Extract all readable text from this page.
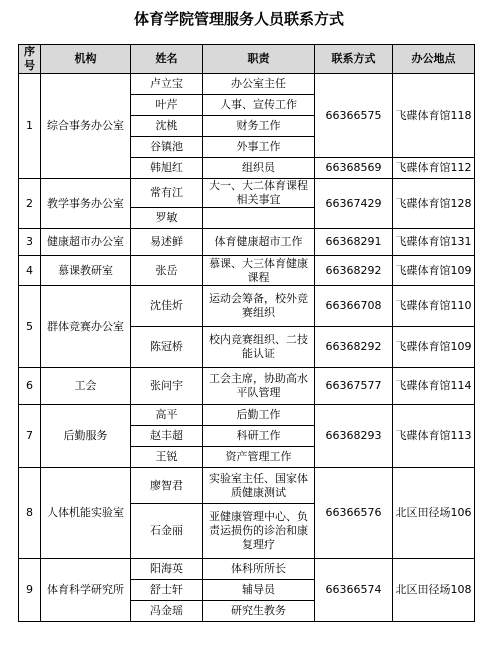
体育学院管理服务人员联系方式
序号	机构	姓名	职责	联系方式	办公地点
1	综合事务办公室	卢立宝	办公室主任	66366575	飞碟体育馆118
		叶芹	人事、宣传工作		
		沈桃	财务工作		
		谷镇池	外事工作		
		韩旭红	组织员	66368569	飞碟体育馆112
2	教学事务办公室	常有江	大一、大二体育课程相关事宜	66367429	飞碟体育馆128
		罗敏			
3	健康超市办公室	易述鲜	体育健康超市工作	66368291	飞碟体育馆131
4	慕课教研室	张岳	慕课、大三体育健康课程	66368292	飞碟体育馆109
5	群体竞赛办公室	沈佳炘	运动会筹备，校外竞赛组织	66366708	飞碟体育馆110
		陈冠桥	校内竞赛组织、二技能认证	66368292	飞碟体育馆109
6	工会	张问宇	工会主席，协助高水平队管理	66367577	飞碟体育馆114
7	后勤服务	高平	后勤工作	66368293	飞碟体育馆113
		赵丰超	科研工作		
		王锐	资产管理工作		
8	人体机能实验室	廖智君	实验室主任、国家体质健康测试	66366576	北区田径场106
		石金丽	亚健康管理中心、负责运损伤的诊治和康复理疗		
9	体育科学研究所	阳海英	体科所所长	66366574	北区田径场108
		舒士轩	辅导员		
		冯金瑶	研究生教务		
